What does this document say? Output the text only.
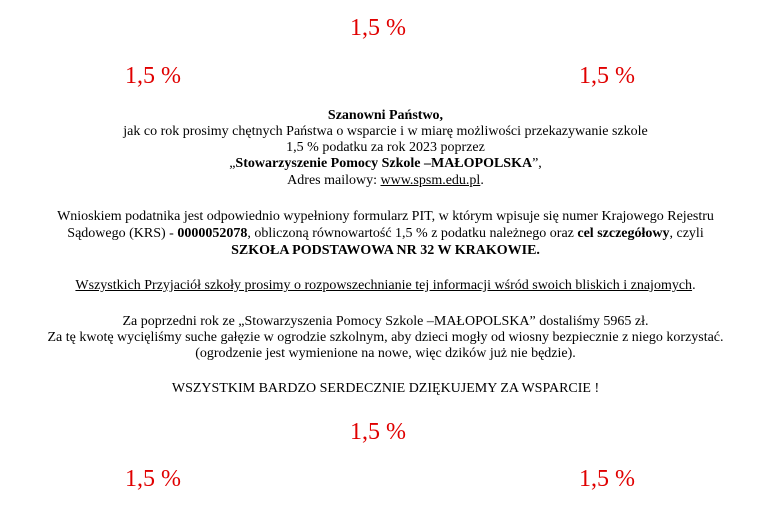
1,5 %
1,5 %	1,5 %
Szanowni Państwo,
jak co rok prosimy chętnych Państwa o wsparcie i w miarę możliwości przekazywanie szkole
1,5 % podatku za rok 2023 poprzez
„Stowarzyszenie Pomocy Szkole –MAŁOPOLSKA”,
Adres mailowy: www.spsm.edu.pl.
Wnioskiem podatnika jest odpowiednio wypełniony formularz PIT, w którym wpisuje się numer Krajowego Rejestru
Sądowego (KRS) - 0000052078, obliczoną równowartość 1,5 % z podatku należnego oraz cel szczegółowy, czyli
SZKOŁA PODSTAWOWA NR 32 W KRAKOWIE.
Wszystkich Przyjaciół szkoły prosimy o rozpowszechnianie tej informacji wśród swoich bliskich i znajomych.
Za poprzedni rok ze „Stowarzyszenia Pomocy Szkole –MAŁOPOLSKA” dostaliśmy 5965 zł.
Za tę kwotę wycięliśmy suche gałęzie w ogrodzie szkolnym, aby dzieci mogły od wiosny bezpiecznie z niego korzystać.
(ogrodzenie jest wymienione na nowe, więc dzików już nie będzie).
WSZYSTKIM BARDZO SERDECZNIE DZIĘKUJEMY ZA WSPARCIE !
1,5 %
1,5 %	1,5 %
